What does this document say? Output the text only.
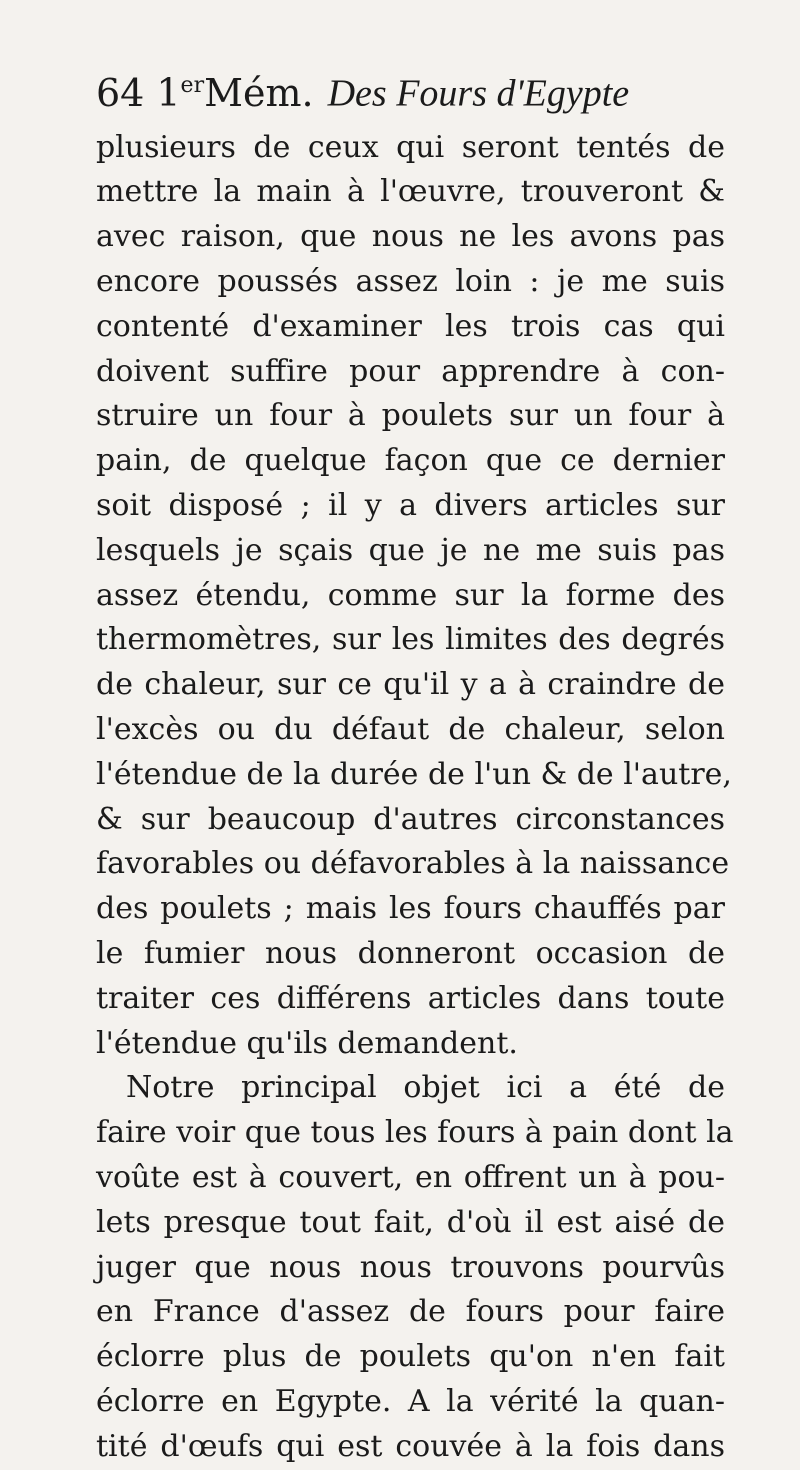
64 1erMém. Des Fours d'Egypte
plusieurs de ceux qui seront tentés de
mettre la main à l'œuvre, trouveront &
avec raison, que nous ne les avons pas
encore poussés assez loin : je me suis
contenté d'examiner les trois cas qui
doivent suffire pour apprendre à con-
struire un four à poulets sur un four à
pain, de quelque façon que ce dernier
soit disposé ; il y a divers articles sur
lesquels je sçais que je ne me suis pas
assez étendu, comme sur la forme des
thermomètres, sur les limites des degrés
de chaleur, sur ce qu'il y a à craindre de
l'excès ou du défaut de chaleur, selon
l'étendue de la durée de l'un & de l'autre,
& sur beaucoup d'autres circonstances
favorables ou défavorables à la naissance
des poulets ; mais les fours chauffés par
le fumier nous donneront occasion de
traiter ces différens articles dans toute
l'étendue qu'ils demandent.
Notre principal objet ici a été de
faire voir que tous les fours à pain dont la
voûte est à couvert, en offrent un à pou-
lets presque tout fait, d'où il est aisé de
juger que nous nous trouvons pourvûs
en France d'assez de fours pour faire
éclorre plus de poulets qu'on n'en fait
éclorre en Egypte. A la vérité la quan-
tité d'œufs qui est couvée à la fois dans
